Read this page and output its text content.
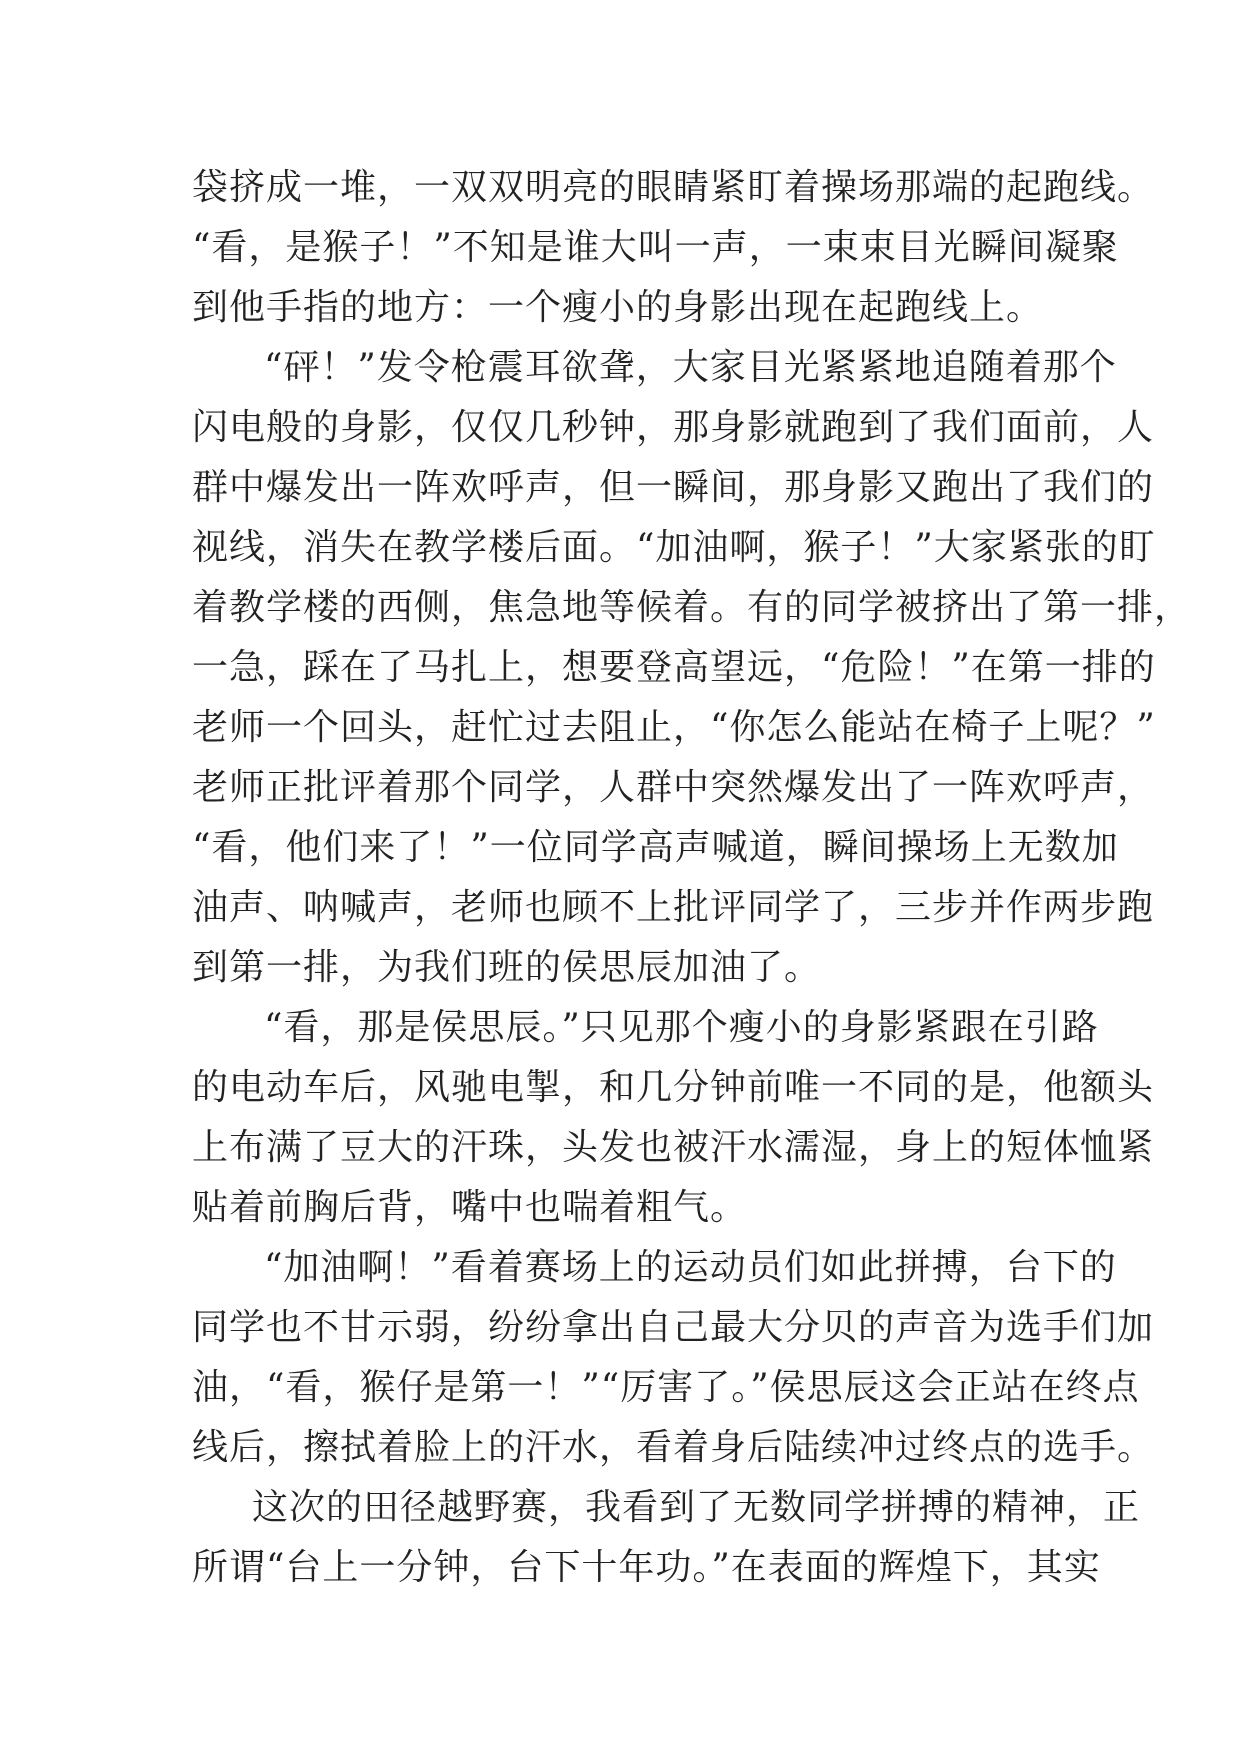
袋挤成一堆，一双双明亮的眼睛紧盯着操场那端的起跑线。
“看，是猴子！”不知是谁大叫一声，一束束目光瞬间凝聚
到他手指的地方：一个瘦小的身影出现在起跑线上。
“砰！”发令枪震耳欲聋，大家目光紧紧地追随着那个
闪电般的身影，仅仅几秒钟，那身影就跑到了我们面前，人
群中爆发出一阵欢呼声，但一瞬间，那身影又跑出了我们的
视线，消失在教学楼后面。“加油啊，猴子！”大家紧张的盯
着教学楼的西侧，焦急地等候着。有的同学被挤出了第一排，
一急，踩在了马扎上，想要登高望远，“危险！”在第一排的
老师一个回头，赶忙过去阻止，“你怎么能站在椅子上呢？”
老师正批评着那个同学，人群中突然爆发出了一阵欢呼声，
“看，他们来了！”一位同学高声喊道，瞬间操场上无数加
油声、呐喊声，老师也顾不上批评同学了，三步并作两步跑
到第一排，为我们班的侯思辰加油了。
“看，那是侯思辰。”只见那个瘦小的身影紧跟在引路
的电动车后，风驰电掣，和几分钟前唯一不同的是，他额头
上布满了豆大的汗珠，头发也被汗水濡湿，身上的短体恤紧
贴着前胸后背，嘴中也喘着粗气。
“加油啊！”看着赛场上的运动员们如此拼搏，台下的
同学也不甘示弱，纷纷拿出自己最大分贝的声音为选手们加
油，“看，猴仔是第一！”“厉害了。”侯思辰这会正站在终点
线后，擦拭着脸上的汗水，看着身后陆续冲过终点的选手。
这次的田径越野赛，我看到了无数同学拼搏的精神，正
所谓“台上一分钟，台下十年功。”在表面的辉煌下，其实
